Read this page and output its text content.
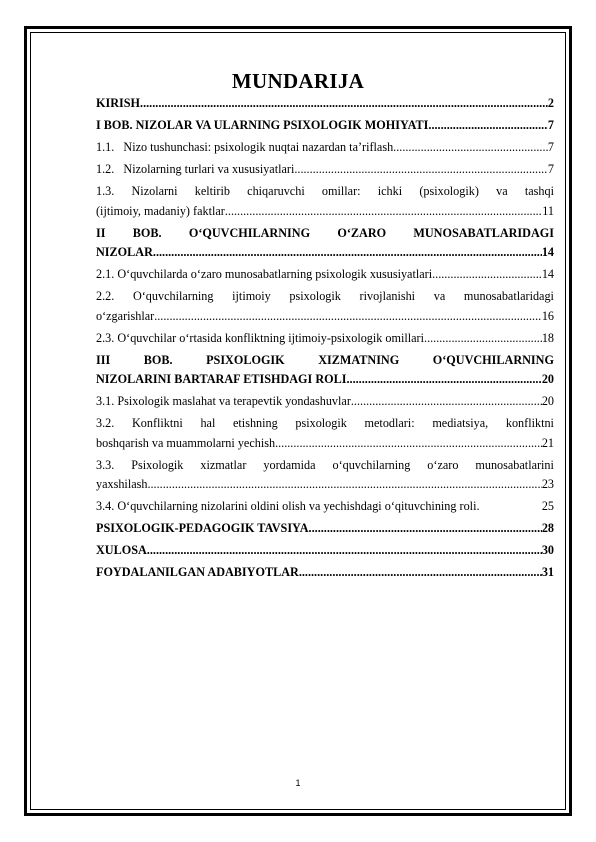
MUNDARIJA
KIRISH .....	2
I BOB. NIZOLAR VA ULARNING PSIXOLOGIK MOHIYATI .....	7
1.1.   Nizo tushunchasi: psixologik nuqtai nazardan ta’riflash .....	7
1.2.   Nizolarning turlari va xususiyatlari .....	7
1.3. Nizolarni keltirib chiqaruvchi omillar: ichki (psixologik) va tashqi
(ijtimoiy, madaniy) faktlar .....	11
II BOB. O‘QUVCHILARNING O‘ZARO MUNOSABATLARIDAGI
NIZOLAR .....	14
2.1. O‘quvchilarda o‘zaro munosabatlarning psixologik xususiyatlari .....	14
2.2. O‘quvchilarning ijtimoiy psixologik rivojlanishi va munosabatlaridagi
o‘zgarishlar .....	16
2.3. O‘quvchilar o‘rtasida konfliktning ijtimoiy-psixologik omillari .....	18
III	BOB.	PSIXOLOGIK	XIZMATNING	O‘QUVCHILARNING
NIZOLARINI BARTARAF ETISHDAGI ROLI .....	20
3.1. Psixologik maslahat va terapevtik yondashuvlar .....	20
3.2. Konfliktni hal etishning psixologik metodlari: mediatsiya, konfliktni
boshqarish va muammolarni yechish .....	21
3.3. Psixologik xizmatlar yordamida o‘quvchilarning o‘zaro munosabatlarini
yaxshilash .....	23
3.4. O‘quvchilarning nizolarini oldini olish va yechishdagi o‘qituvchining roli.	25
PSIXOLOGIK-PEDAGOGIK TAVSIYA .....	28
XULOSA .....	30
FOYDALANILGAN ADABIYOTLAR .....	31
1
